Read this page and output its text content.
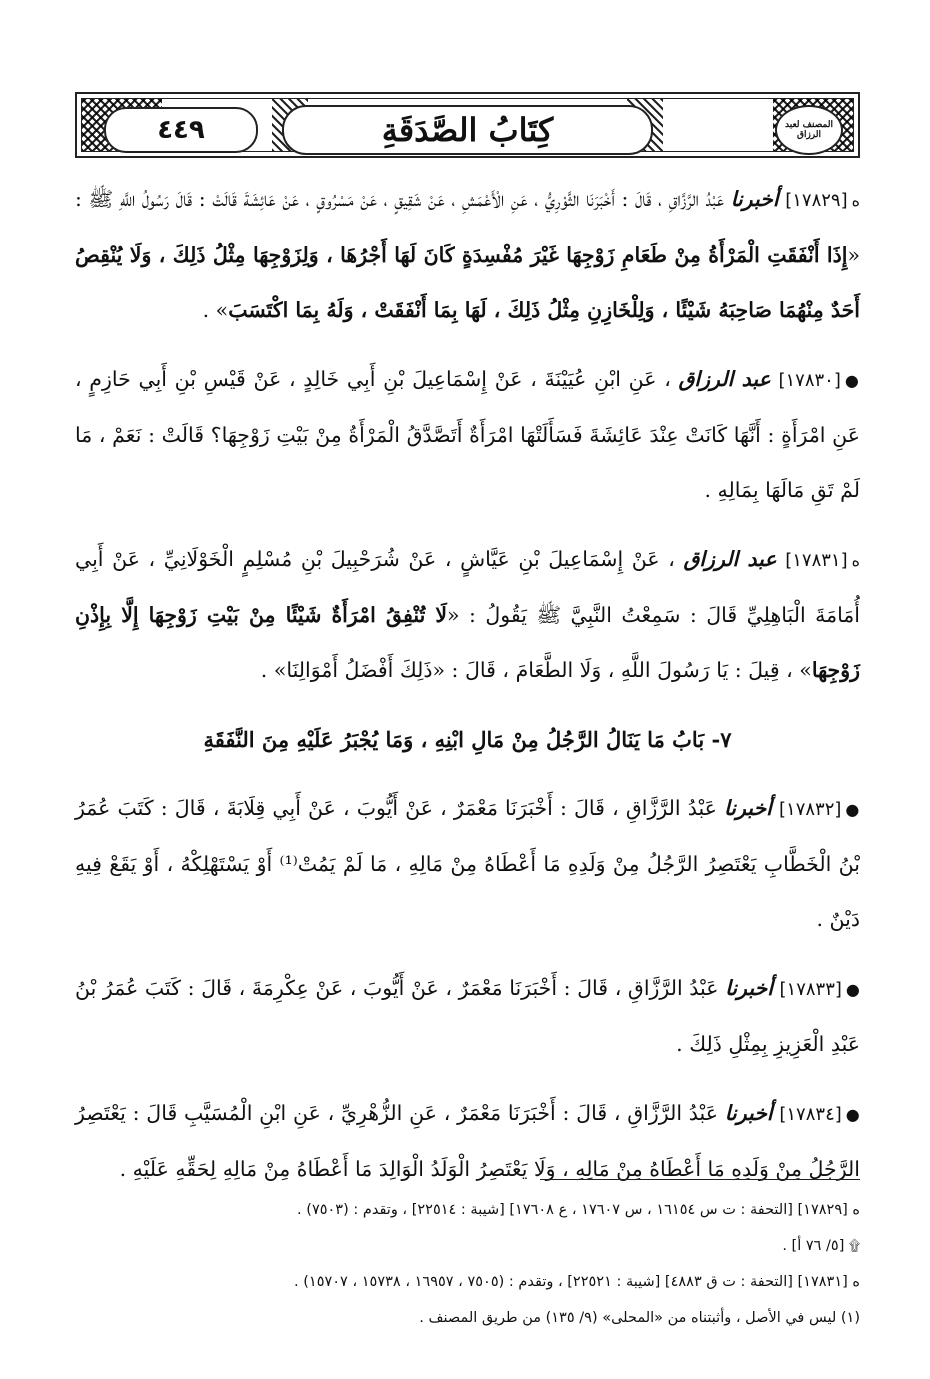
٤٤٩	كِتَابُ الصَّدَقَةِ	المصنف لعبد الرزاق

ه[١٧٨٢٩] أخبرنا عَبْدُ الرَّزَّاقِ ، قَالَ : أَخْبَرَنَا الثَّوْرِيُّ ، عَنِ الْأَعْمَشِ ، عَنْ شَقِيقٍ ، عَنْ مَسْرُوقٍ ، عَنْ عَائِشَةَ قَالَتْ : قَالَ رَسُولُ اللَّهِ ﷺ : «إِذَا أَنْفَقَتِ الْمَرْأَةُ مِنْ طَعَامِ زَوْجِهَا غَيْرَ مُفْسِدَةٍ كَانَ لَهَا أَجْرُهَا ، وَلِزَوْجِهَا مِثْلُ ذَلِكَ ، وَلَا يُنْقِصُ أَحَدٌ مِنْهُمَا صَاحِبَهُ شَيْئًا ، وَلِلْخَازِنِ مِثْلُ ذَلِكَ ، لَهَا بِمَا أَنْفَقَتْ ، وَلَهُ بِمَا اكْتَسَبَ» .

●[١٧٨٣٠] عبد الرزاق ، عَنِ ابْنِ عُيَيْنَةَ ، عَنْ إِسْمَاعِيلَ بْنِ أَبِي خَالِدٍ ، عَنْ قَيْسِ بْنِ أَبِي حَازِمٍ ، عَنِ امْرَأَةٍ : أَنَّهَا كَانَتْ عِنْدَ عَائِشَةَ فَسَأَلَتْهَا امْرَأَةٌ أَتَصَّدَّقُ الْمَرْأَةُ مِنْ بَيْتِ زَوْجِهَا؟ قَالَتْ : نَعَمْ ، مَا لَمْ تَقِ مَالَهَا بِمَالِهِ .

ه[١٧٨٣١] عبد الرزاق ، عَنْ إِسْمَاعِيلَ بْنِ عَيَّاشٍ ، عَنْ شُرَحْبِيلَ بْنِ مُسْلِمٍ الْخَوْلَانِيِّ ، عَنْ أَبِي أُمَامَةَ الْبَاهِلِيِّ قَالَ : سَمِعْتُ النَّبِيَّ ﷺ يَقُولُ : «لَا تُنْفِقُ امْرَأَةٌ شَيْئًا مِنْ بَيْتِ زَوْجِهَا إِلَّا بِإِذْنِ زَوْجِهَا» ، قِيلَ : يَا رَسُولَ اللَّهِ ، وَلَا الطَّعَامَ ، قَالَ : «ذَلِكَ أَفْضَلُ أَمْوَالِنَا» .

٧- بَابُ مَا يَنَالُ الرَّجُلُ مِنْ مَالِ ابْنِهِ ، وَمَا يُجْبَرُ عَلَيْهِ مِنَ النَّفَقَةِ

●[١٧٨٣٢] أخبرنا عَبْدُ الرَّزَّاقِ ، قَالَ : أَخْبَرَنَا مَعْمَرٌ ، عَنْ أَيُّوبَ ، عَنْ أَبِي قِلَابَةَ ، قَالَ : كَتَبَ عُمَرُ بْنُ الْخَطَّابِ يَعْتَصِرُ الرَّجُلُ مِنْ وَلَدِهِ مَا أَعْطَاهُ مِنْ مَالِهِ ، مَا لَمْ يَمُتْ⁽¹⁾ أَوْ يَسْتَهْلِكْهُ ، أَوْ يَقَعْ فِيهِ دَيْنٌ .

●[١٧٨٣٣] أخبرنا عَبْدُ الرَّزَّاقِ ، قَالَ : أَخْبَرَنَا مَعْمَرٌ ، عَنْ أَيُّوبَ ، عَنْ عِكْرِمَةَ ، قَالَ : كَتَبَ عُمَرُ بْنُ عَبْدِ الْعَزِيزِ بِمِثْلِ ذَلِكَ .

●[١٧٨٣٤] أخبرنا عَبْدُ الرَّزَّاقِ ، قَالَ : أَخْبَرَنَا مَعْمَرٌ ، عَنِ الزُّهْرِيِّ ، عَنِ ابْنِ الْمُسَيَّبِ قَالَ : يَعْتَصِرُ الرَّجُلُ مِنْ وَلَدِهِ مَا أَعْطَاهُ مِنْ مَالِهِ ، وَلَا يَعْتَصِرُ الْوَلَدُ الْوَالِدَ مَا أَعْطَاهُ مِنْ مَالِهِ لِحَقِّهِ عَلَيْهِ .

ه [١٧٨٢٩] [التحفة : ت س ١٦١٥٤ ، س ١٧٦٠٧ ، ع ١٧٦٠٨] [شيبة : ٢٢٥١٤] ، وتقدم : (٧٥٠٣) .
۩ [٥/ ٧٦ أ] .
ه [١٧٨٣١] [التحفة : ت ق ٤٨٨٣] [شيبة : ٢٢٥٢١] ، وتقدم : (٧٥٠٥ ، ١٦٩٥٧ ، ١٥٧٣٨ ، ١٥٧٠٧) .
(١) ليس في الأصل ، وأثبتناه من «المحلى» (٩/ ١٣٥) من طريق المصنف .
